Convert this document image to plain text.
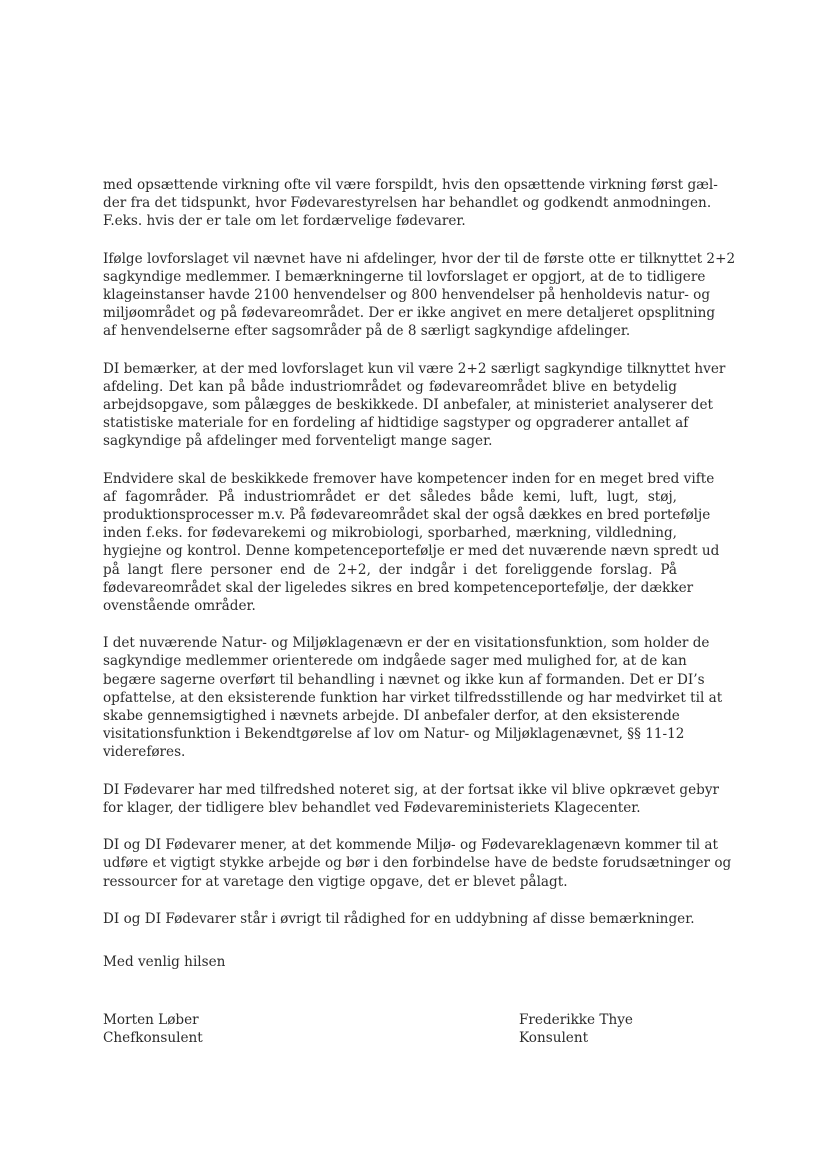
med opsættende virkning ofte vil være forspildt, hvis den opsættende virkning først gæl-
der fra det tidspunkt, hvor Fødevarestyrelsen har behandlet og godkendt anmodningen.
F.eks. hvis der er tale om let fordærvelige fødevarer.
Ifølge lovforslaget vil nævnet have ni afdelinger, hvor der til de første otte er tilknyttet 2+2
sagkyndige medlemmer. I bemærkningerne til lovforslaget er opgjort, at de to tidligere
klageinstanser havde 2100 henvendelser og 800 henvendelser på henholdevis natur- og
miljøområdet og på fødevareområdet. Der er ikke angivet en mere detaljeret opsplitning
af henvendelserne efter sagsområder på de 8 særligt sagkyndige afdelinger.
DI bemærker, at der med lovforslaget kun vil være 2+2 særligt sagkyndige tilknyttet hver
afdeling. Det kan på både industriområdet og fødevareområdet blive en betydelig
arbejdsopgave, som pålægges de beskikkede. DI anbefaler, at ministeriet analyserer det
statistiske materiale for en fordeling af hidtidige sagstyper og opgraderer antallet af
sagkyndige på afdelinger med forventeligt mange sager.
Endvidere skal de beskikkede fremover have kompetencer inden for en meget bred vifte
af fagområder. På industriområdet er det således både kemi, luft, lugt, støj,
produktionsprocesser m.v. På fødevareområdet skal der også dækkes en bred portefølje
inden f.eks. for fødevarekemi og mikrobiologi, sporbarhed, mærkning, vildledning,
hygiejne og kontrol. Denne kompetenceportefølje er med det nuværende nævn spredt ud
på langt flere personer end de 2+2, der indgår i det foreliggende forslag. På
fødevareområdet skal der ligeledes sikres en bred kompetenceportefølje, der dækker
ovenstående områder.
I det nuværende Natur- og Miljøklagenævn er der en visitationsfunktion, som holder de
sagkyndige medlemmer orienterede om indgåede sager med mulighed for, at de kan
begære sagerne overført til behandling i nævnet og ikke kun af formanden. Det er DI’s
opfattelse, at den eksisterende funktion har virket tilfredsstillende og har medvirket til at
skabe gennemsigtighed i nævnets arbejde. DI anbefaler derfor, at den eksisterende
visitationsfunktion i Bekendtgørelse af lov om Natur- og Miljøklagenævnet, §§ 11-12
videreføres.
DI Fødevarer har med tilfredshed noteret sig, at der fortsat ikke vil blive opkrævet gebyr
for klager, der tidligere blev behandlet ved Fødevareministeriets Klagecenter.
DI og DI Fødevarer mener, at det kommende Miljø- og Fødevareklagenævn kommer til at
udføre et vigtigt stykke arbejde og bør i den forbindelse have de bedste forudsætninger og
ressourcer for at varetage den vigtige opgave, det er blevet pålagt.
DI og DI Fødevarer står i øvrigt til rådighed for en uddybning af disse bemærkninger.
Med venlig hilsen
Morten Løber
Chefkonsulent
Frederikke Thye
Konsulent
